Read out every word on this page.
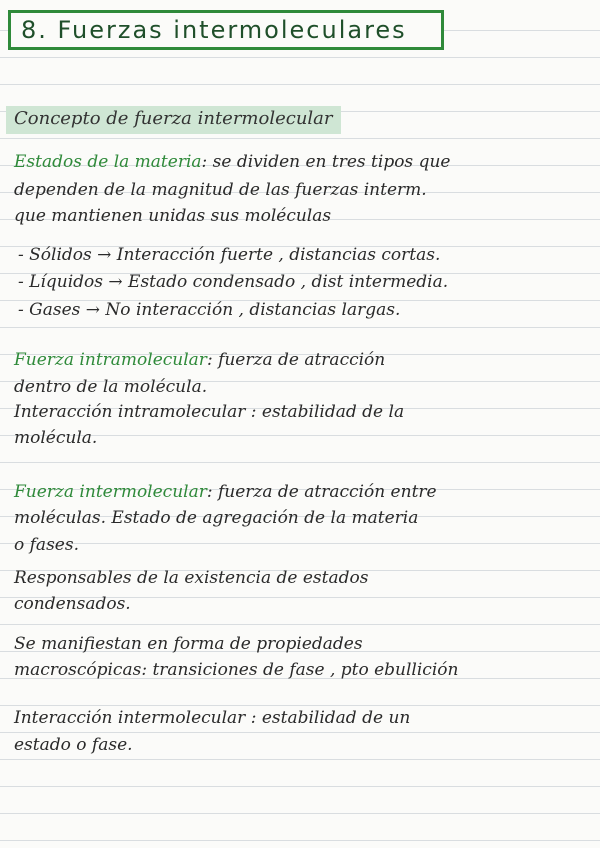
8. Fuerzas intermoleculares
Concepto de fuerza intermolecular
Estados de la materia: se dividen en tres tipos que
dependen de la magnitud de las fuerzas interm.
que mantienen unidas sus moléculas
- Sólidos → Interacción fuerte , distancias cortas.
- Líquidos → Estado condensado , dist intermedia.
- Gases → No interacción , distancias largas.
Fuerza intramolecular: fuerza de atracción
dentro de la molécula.
Interacción intramolecular : estabilidad de la
molécula.
Fuerza intermolecular: fuerza de atracción entre
moléculas. Estado de agregación de la materia
o fases.
Responsables de la existencia de estados
condensados.
Se manifiestan en forma de propiedades
macroscópicas: transiciones de fase , pto ebullición
Interacción intermolecular : estabilidad de un
estado o fase.
